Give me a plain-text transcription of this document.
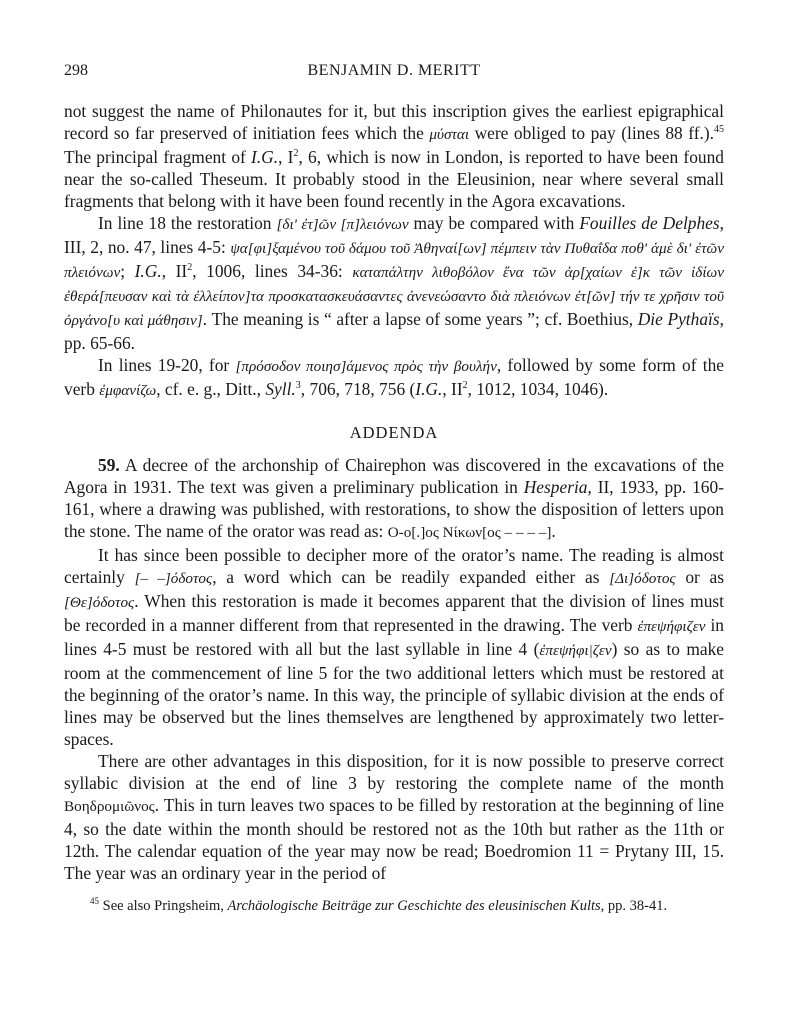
298	BENJAMIN D. MERITT

not suggest the name of Philonautes for it, but this inscription gives the earliest epigraphical record so far preserved of initiation fees which the μύσται were obliged to pay (lines 88 ff.).$^{45}$ The principal fragment of I.G., $I^2$, 6, which is now in London, is reported to have been found near the so-called Theseum. It probably stood in the Eleusinion, near where several small fragments that belong with it have been found recently in the Agora excavations.

In line 18 the restoration [δι' ἐτ]ῶν [π]λειόνων may be compared with Fouilles de Delphes, III, 2, no. 47, lines 4-5: ψα[φι]ξαμένου τοῦ δάμου τοῦ Ἀθηναί[ων] πέμπειν τὰν Πυθαΐδα ποθ' ἁμὲ δι' ἐτῶν πλειόνων; I.G., $II^2$, 1006, lines 34-36: καταπάλτην λιθοβόλον ἕνα τῶν ἀρ[χαίων ἐ]κ τῶν ἰδίων ἐθερά[πευσαν καὶ τὰ ἐλλείπον]τα προσκατασκευάσαντες ἀνενεώσαντο διὰ πλειόνων ἐτ[ῶν] τήν τε χρῆσιν τοῦ ὀργάνο[υ καὶ μάθησιν]. The meaning is “ after a lapse of some years ”; cf. Boethius, Die Pythaïs, pp. 65-66.

In lines 19-20, for [πρόσοδον ποιησ]άμενος πρὸς τὴν βουλήν, followed by some form of the verb ἐμφανίζω, cf. e. g., Ditt., Syll.$^3$, 706, 718, 756 (I.G., $II^2$, 1012, 1034, 1046).

ADDENDA

59. A decree of the archonship of Chairephon was discovered in the excavations of the Agora in 1931. The text was given a preliminary publication in Hesperia, II, 1933, pp. 160-161, where a drawing was published, with restorations, to show the disposition of letters upon the stone. The name of the orator was read as: Ο-ο[.]ος Νίκων[ος – – – –].

It has since been possible to decipher more of the orator’s name. The reading is almost certainly [– –]όδοτος, a word which can be readily expanded either as [Δι]όδοτος or as [Θε]όδοτος. When this restoration is made it becomes apparent that the division of lines must be recorded in a manner different from that represented in the drawing. The verb ἐπεψήφιζεν in lines 4-5 must be restored with all but the last syllable in line 4 (ἐπεψήφι|ζεν) so as to make room at the commencement of line 5 for the two additional letters which must be restored at the beginning of the orator’s name. In this way, the principle of syllabic division at the ends of lines may be observed but the lines themselves are lengthened by approximately two letter-spaces.

There are other advantages in this disposition, for it is now possible to preserve correct syllabic division at the end of line 3 by restoring the complete name of the month Βοηδρομιῶνος. This in turn leaves two spaces to be filled by restoration at the beginning of line 4, so the date within the month should be restored not as the 10th but rather as the 11th or 12th. The calendar equation of the year may now be read; Boedromion 11 = Prytany III, 15. The year was an ordinary year in the period of

$^{45}$ See also Pringsheim, Archäologische Beiträge zur Geschichte des eleusinischen Kults, pp. 38-41.
